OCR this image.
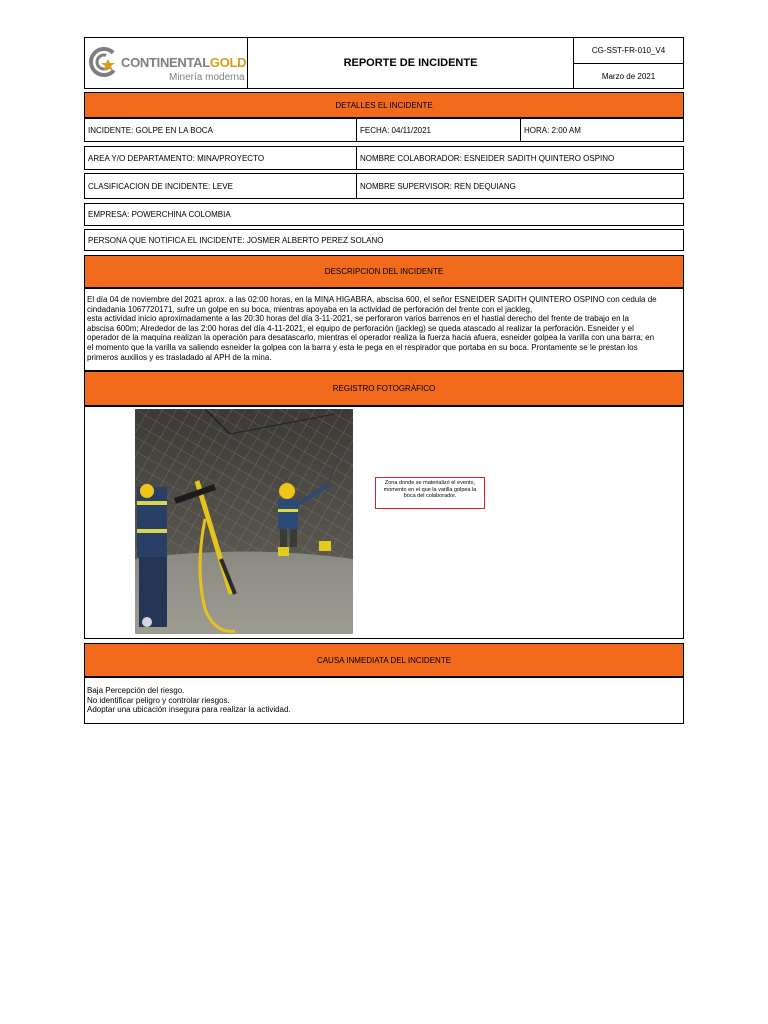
CONTINENTALGOLD
Minería moderna
REPORTE DE INCIDENTE
CG-SST-FR-010_V4
Marzo de 2021
DETALLES EL INCIDENTE
INCIDENTE: GOLPE EN LA BOCA	FECHA: 04/11/2021	HORA: 2:00 AM
AREA Y/O DEPARTAMENTO: MINA/PROYECTO	NOMBRE COLABORADOR: ESNEIDER SADITH QUINTERO OSPINO
CLASIFICACION DE INCIDENTE: LEVE	NOMBRE SUPERVISOR: REN DEQUIANG
EMPRESA: POWERCHINA COLOMBIA
PERSONA QUE NOTIFICA EL INCIDENTE: JOSMER ALBERTO PEREZ SOLANO
DESCRIPCION DEL INCIDENTE
El día 04 de noviembre del 2021 aprox. a las 02:00 horas, en la MINA HIGABRA, abscisa 600, el señor ESNEIDER SADITH QUINTERO OSPINO con cedula de
cindadania 1067720171, sufre un golpe en su boca, mientras apoyaba en la actividad de perforación del frente con el jackleg,
esta actividad inicio aproximadamente a las 20:30 horas del día 3-11-2021, se perforaron varios barrenos en el hastial derecho del frente de trabajo en la
abscisa 600m; Alrededor de las 2:00 horas del día 4-11-2021, el equipo de perforación (jackleg) se queda atascado al realizar la perforación. Esneider y el
operador de la maquina realizan la operación para desatascarlo, mientras el operador realiza la fuerza hacia afuera, esneider golpea la varilla con una barra; en
el momento que la varilla va saliendo esneider la golpea con la barra y esta le pega en el respirador que portaba en su boca. Prontamente se le prestan los
primeros auxilios y es trasladado al APH de la mina.
REGISTRO FOTOGRÁFICO
Zona donde se materializó el evento, momento en el que la varilla golpea la boca del colaborador.
CAUSA INMEDIATA DEL INCIDENTE
Baja Percepción del riesgo.
No identificar peligro y controlar riesgos.
Adoptar una ubicación insegura para realizar la actividad.
